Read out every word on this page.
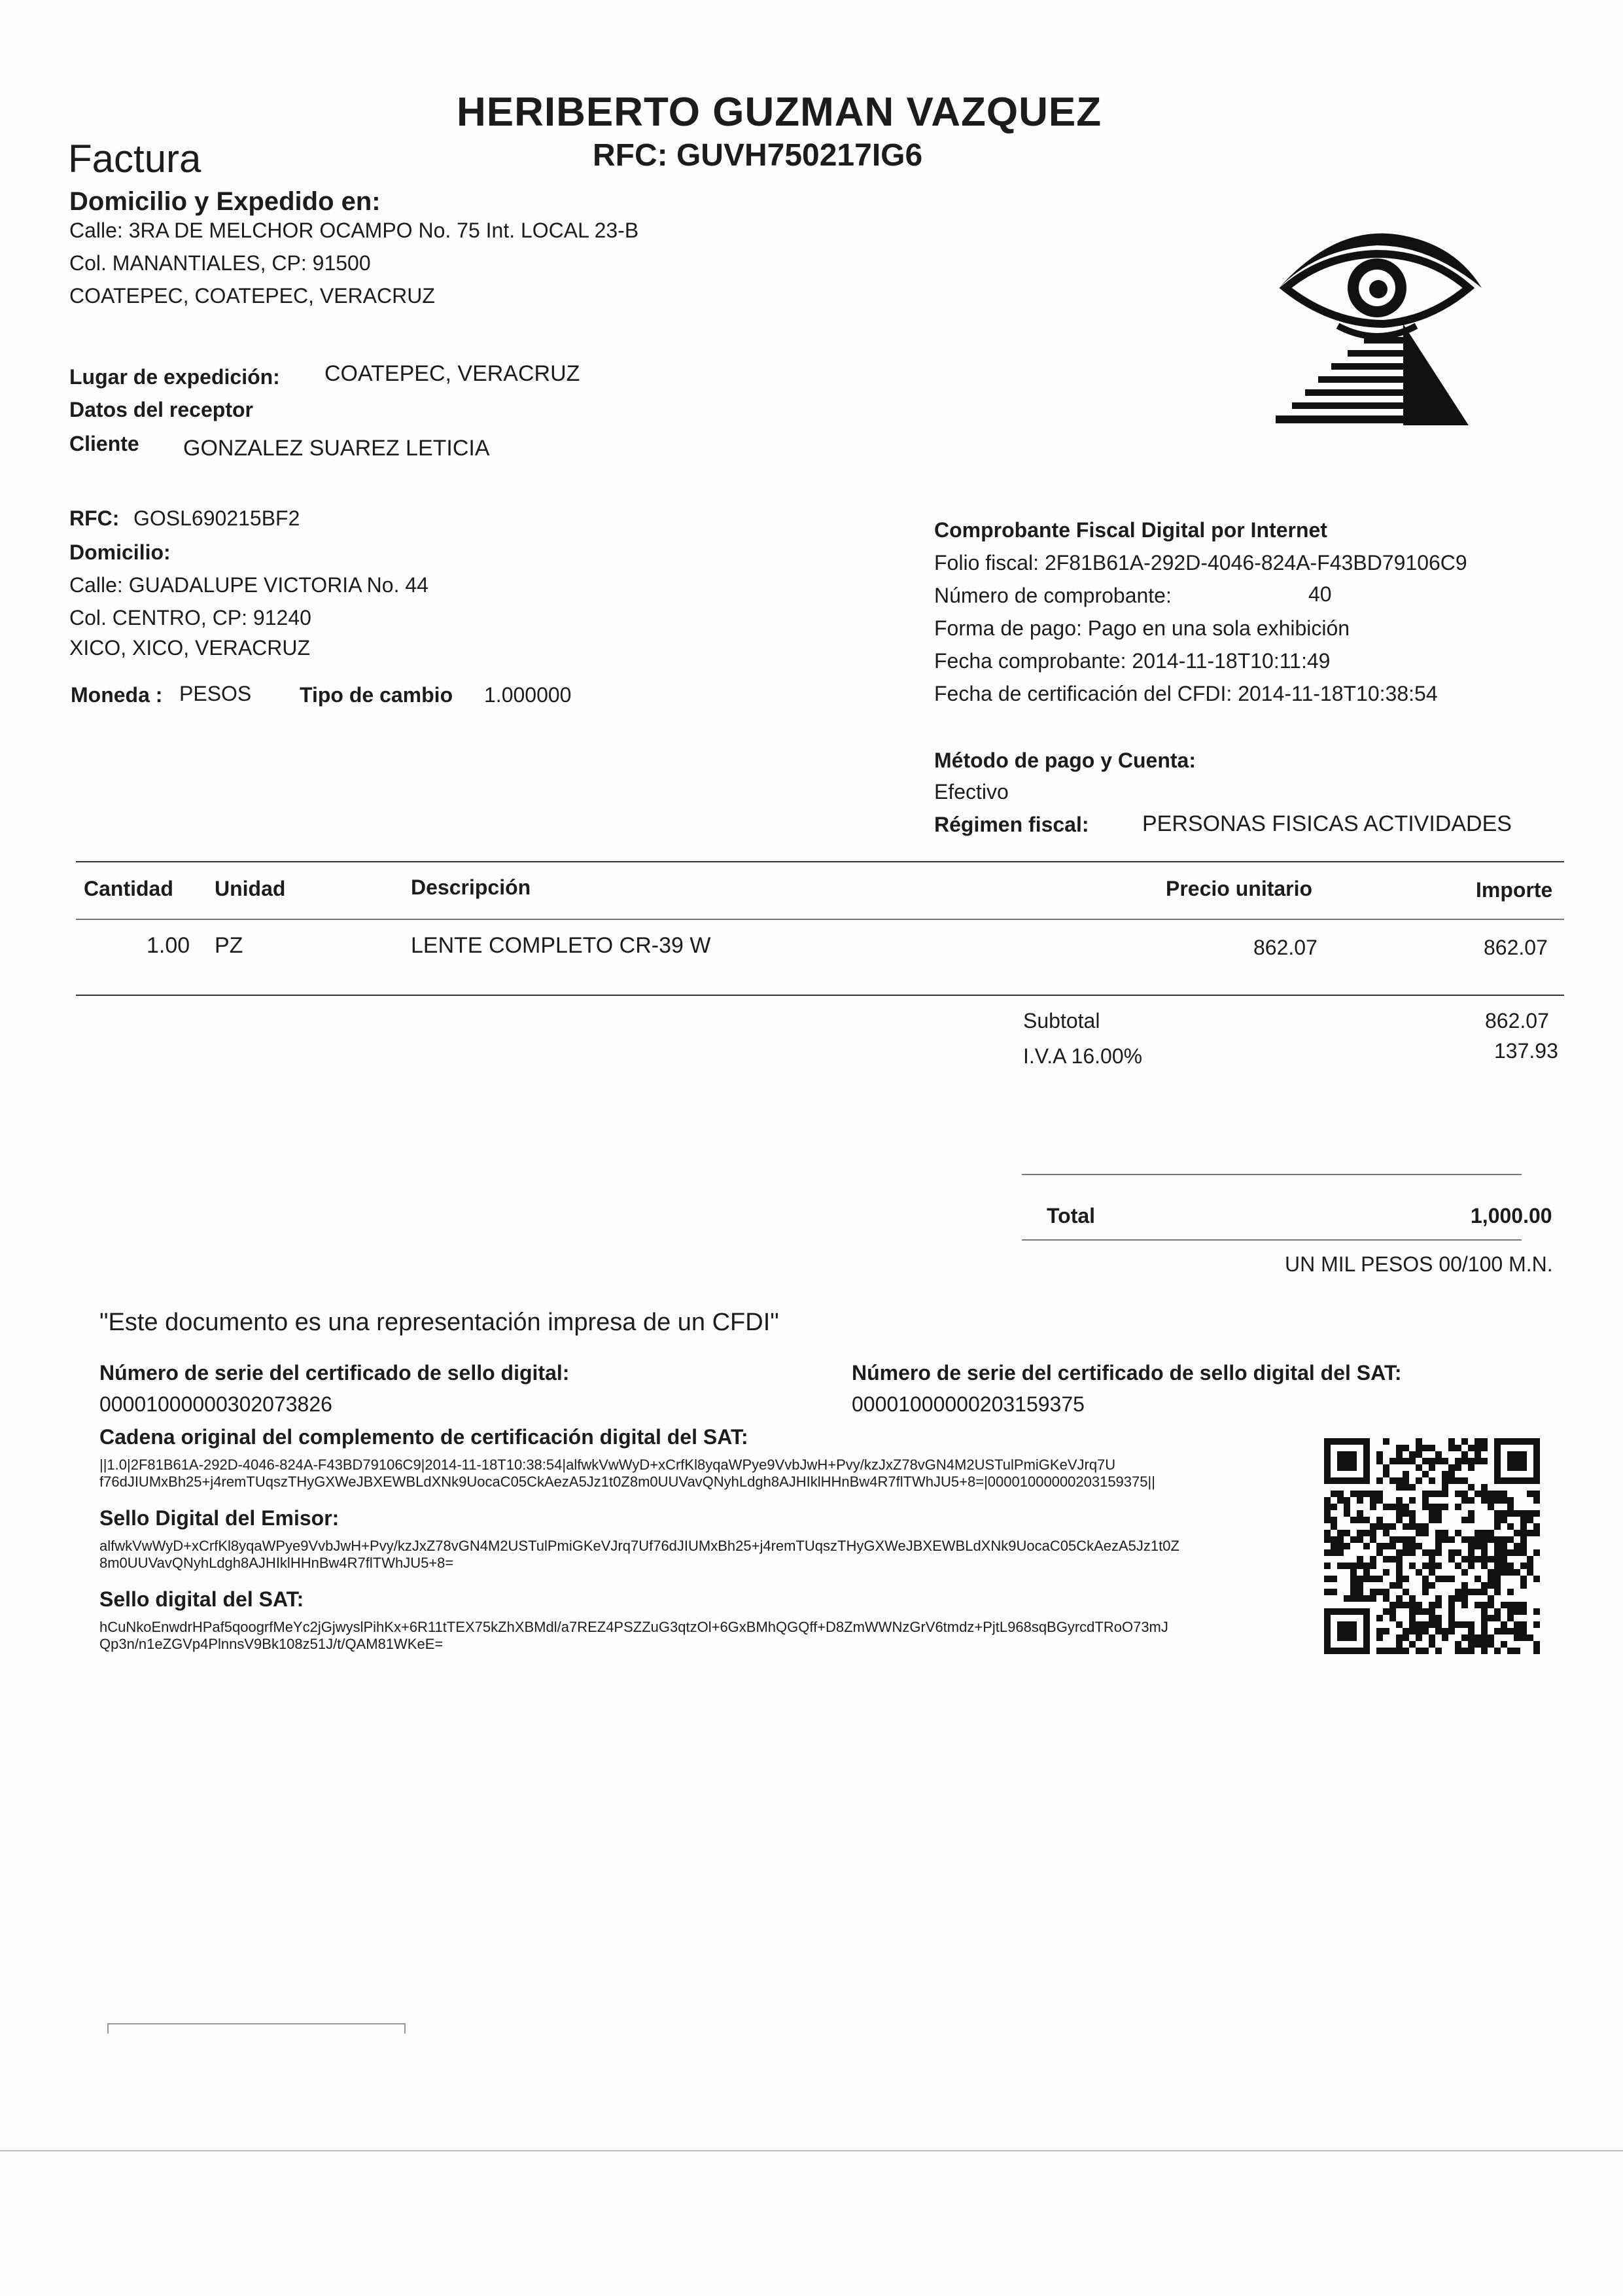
HERIBERTO GUZMAN VAZQUEZ
RFC: GUVH750217IG6
Factura
Domicilio y Expedido en:
Calle: 3RA DE MELCHOR OCAMPO No. 75 Int. LOCAL 23-B
Col. MANANTIALES, CP: 91500
COATEPEC, COATEPEC, VERACRUZ
Lugar de expedición: COATEPEC, VERACRUZ
Datos del receptor
Cliente GONZALEZ SUAREZ LETICIA
RFC: GOSL690215BF2
Domicilio:
Calle: GUADALUPE VICTORIA No. 44
Col. CENTRO, CP: 91240
XICO, XICO, VERACRUZ
Moneda : PESOS Tipo de cambio 1.000000
Comprobante Fiscal Digital por Internet
Folio fiscal: 2F81B61A-292D-4046-824A-F43BD79106C9
Número de comprobante:	40
Forma de pago: Pago en una sola exhibición
Fecha comprobante: 2014-11-18T10:11:49
Fecha de certificación del CFDI: 2014-11-18T10:38:54
Método de pago y Cuenta:
Efectivo
Régimen fiscal: PERSONAS FISICAS ACTIVIDADES
Cantidad Unidad	Descripción	Precio unitario	Importe
1.00 PZ	LENTE COMPLETO CR-39 W	862.07	862.07
Subtotal	862.07
I.V.A 16.00%	137.93
Total	1,000.00
UN MIL PESOS 00/100 M.N.
"Este documento es una representación impresa de un CFDI"
Número de serie del certificado de sello digital:
00001000000302073826
Número de serie del certificado de sello digital del SAT:
00001000000203159375
Cadena original del complemento de certificación digital del SAT:
||1.0|2F81B61A-292D-4046-824A-F43BD79106C9|2014-11-18T10:38:54|alfwkVwWyD+xCrfKl8yqaWPye9VvbJwH+Pvy/kzJxZ78vGN4M2USTulPmiGKeVJrq7U
f76dJIUMxBh25+j4remTUqszTHyGXWeJBXEWBLdXNk9UocaC05CkAezA5Jz1t0Z8m0UUVavQNyhLdgh8AJHIklHHnBw4R7flTWhJU5+8=|00001000000203159375||
Sello Digital del Emisor:
alfwkVwWyD+xCrfKl8yqaWPye9VvbJwH+Pvy/kzJxZ78vGN4M2USTulPmiGKeVJrq7Uf76dJIUMxBh25+j4remTUqszTHyGXWeJBXEWBLdXNk9UocaC05CkAezA5Jz1t0Z
8m0UUVavQNyhLdgh8AJHIklHHnBw4R7flTWhJU5+8=
Sello digital del SAT:
hCuNkoEnwdrHPaf5qoogrfMeYc2jGjwyslPihKx+6R11tTEX75kZhXBMdl/a7REZ4PSZZuG3qtzOl+6GxBMhQGQff+D8ZmWWNzGrV6tmdz+PjtL968sqBGyrcdTRoO73mJ
Qp3n/n1eZGVp4PlnnsV9Bk108z51J/t/QAM81WKeE=
